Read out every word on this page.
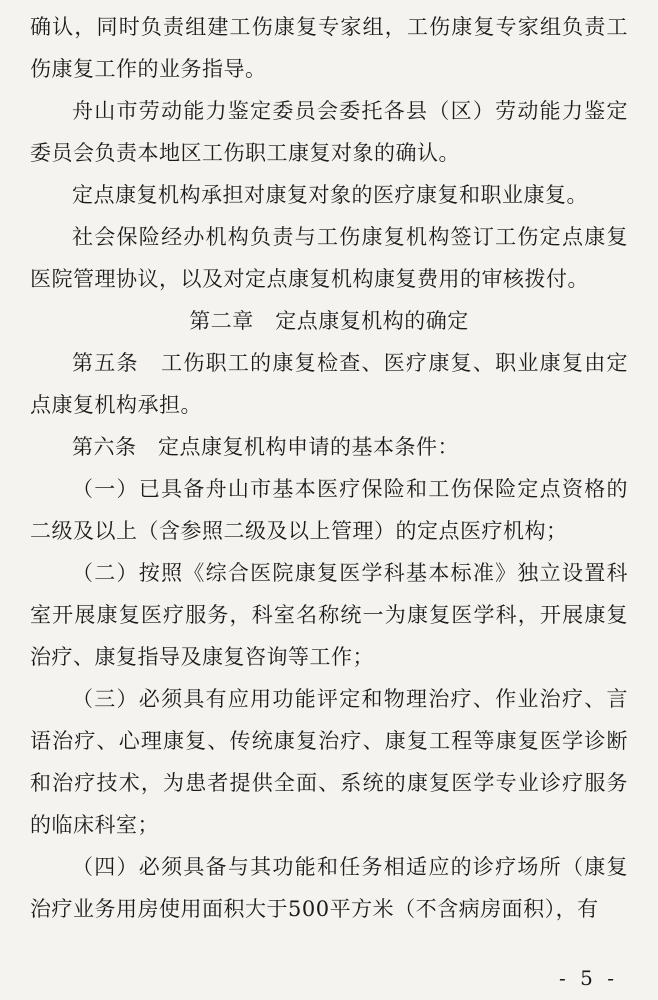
确认，同时负责组建工伤康复专家组，工伤康复专家组负责工伤康复工作的业务指导。

舟山市劳动能力鉴定委员会委托各县（区）劳动能力鉴定委员会负责本地区工伤职工康复对象的确认。

定点康复机构承担对康复对象的医疗康复和职业康复。

社会保险经办机构负责与工伤康复机构签订工伤定点康复医院管理协议，以及对定点康复机构康复费用的审核拨付。

第二章　定点康复机构的确定

第五条　工伤职工的康复检查、医疗康复、职业康复由定点康复机构承担。

第六条　定点康复机构申请的基本条件：

（一）已具备舟山市基本医疗保险和工伤保险定点资格的二级及以上（含参照二级及以上管理）的定点医疗机构；

（二）按照《综合医院康复医学科基本标准》独立设置科室开展康复医疗服务，科室名称统一为康复医学科，开展康复治疗、康复指导及康复咨询等工作；

（三）必须具有应用功能评定和物理治疗、作业治疗、言语治疗、心理康复、传统康复治疗、康复工程等康复医学诊断和治疗技术，为患者提供全面、系统的康复医学专业诊疗服务的临床科室；

（四）必须具备与其功能和任务相适应的诊疗场所（康复治疗业务用房使用面积大于500平方米（不含病房面积），有

- 5 -
